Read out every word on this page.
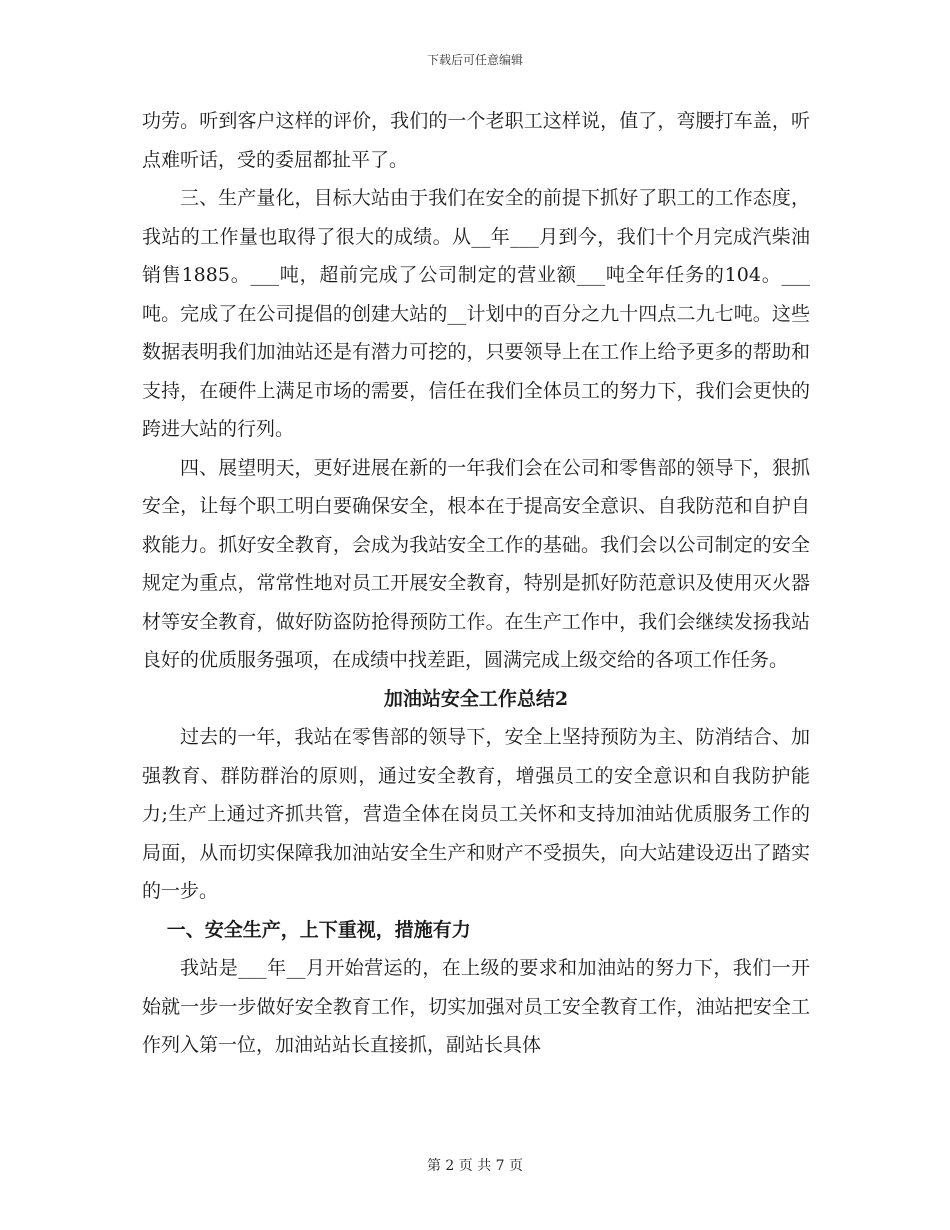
下载后可任意编辑

功劳。听到客户这样的评价，我们的一个老职工这样说，值了，弯腰打车盖，听点难听话，受的委屈都扯平了。

三、生产量化，目标大站由于我们在安全的前提下抓好了职工的工作态度，我站的工作量也取得了很大的成绩。从__年___月到今，我们十个月完成汽柴油销售1885。___吨，超前完成了公司制定的营业额___吨全年任务的104。___吨。完成了在公司提倡的创建大站的__计划中的百分之九十四点二九七吨。这些数据表明我们加油站还是有潜力可挖的，只要领导上在工作上给予更多的帮助和支持，在硬件上满足市场的需要，信任在我们全体员工的努力下，我们会更快的跨进大站的行列。

四、展望明天，更好进展在新的一年我们会在公司和零售部的领导下，狠抓安全，让每个职工明白要确保安全，根本在于提高安全意识、自我防范和自护自救能力。抓好安全教育，会成为我站安全工作的基础。我们会以公司制定的安全规定为重点，常常性地对员工开展安全教育，特别是抓好防范意识及使用灭火器材等安全教育，做好防盗防抢得预防工作。在生产工作中，我们会继续发扬我站良好的优质服务强项，在成绩中找差距，圆满完成上级交给的各项工作任务。

加油站安全工作总结2

过去的一年，我站在零售部的领导下，安全上坚持预防为主、防消结合、加强教育、群防群治的原则，通过安全教育，增强员工的安全意识和自我防护能力;生产上通过齐抓共管，营造全体在岗员工关怀和支持加油站优质服务工作的局面，从而切实保障我加油站安全生产和财产不受损失，向大站建设迈出了踏实的一步。

一、安全生产，上下重视，措施有力

我站是___年__月开始营运的，在上级的要求和加油站的努力下，我们一开始就一步一步做好安全教育工作，切实加强对员工安全教育工作，油站把安全工作列入第一位，加油站站长直接抓，副站长具体

第 2 页 共 7 页
